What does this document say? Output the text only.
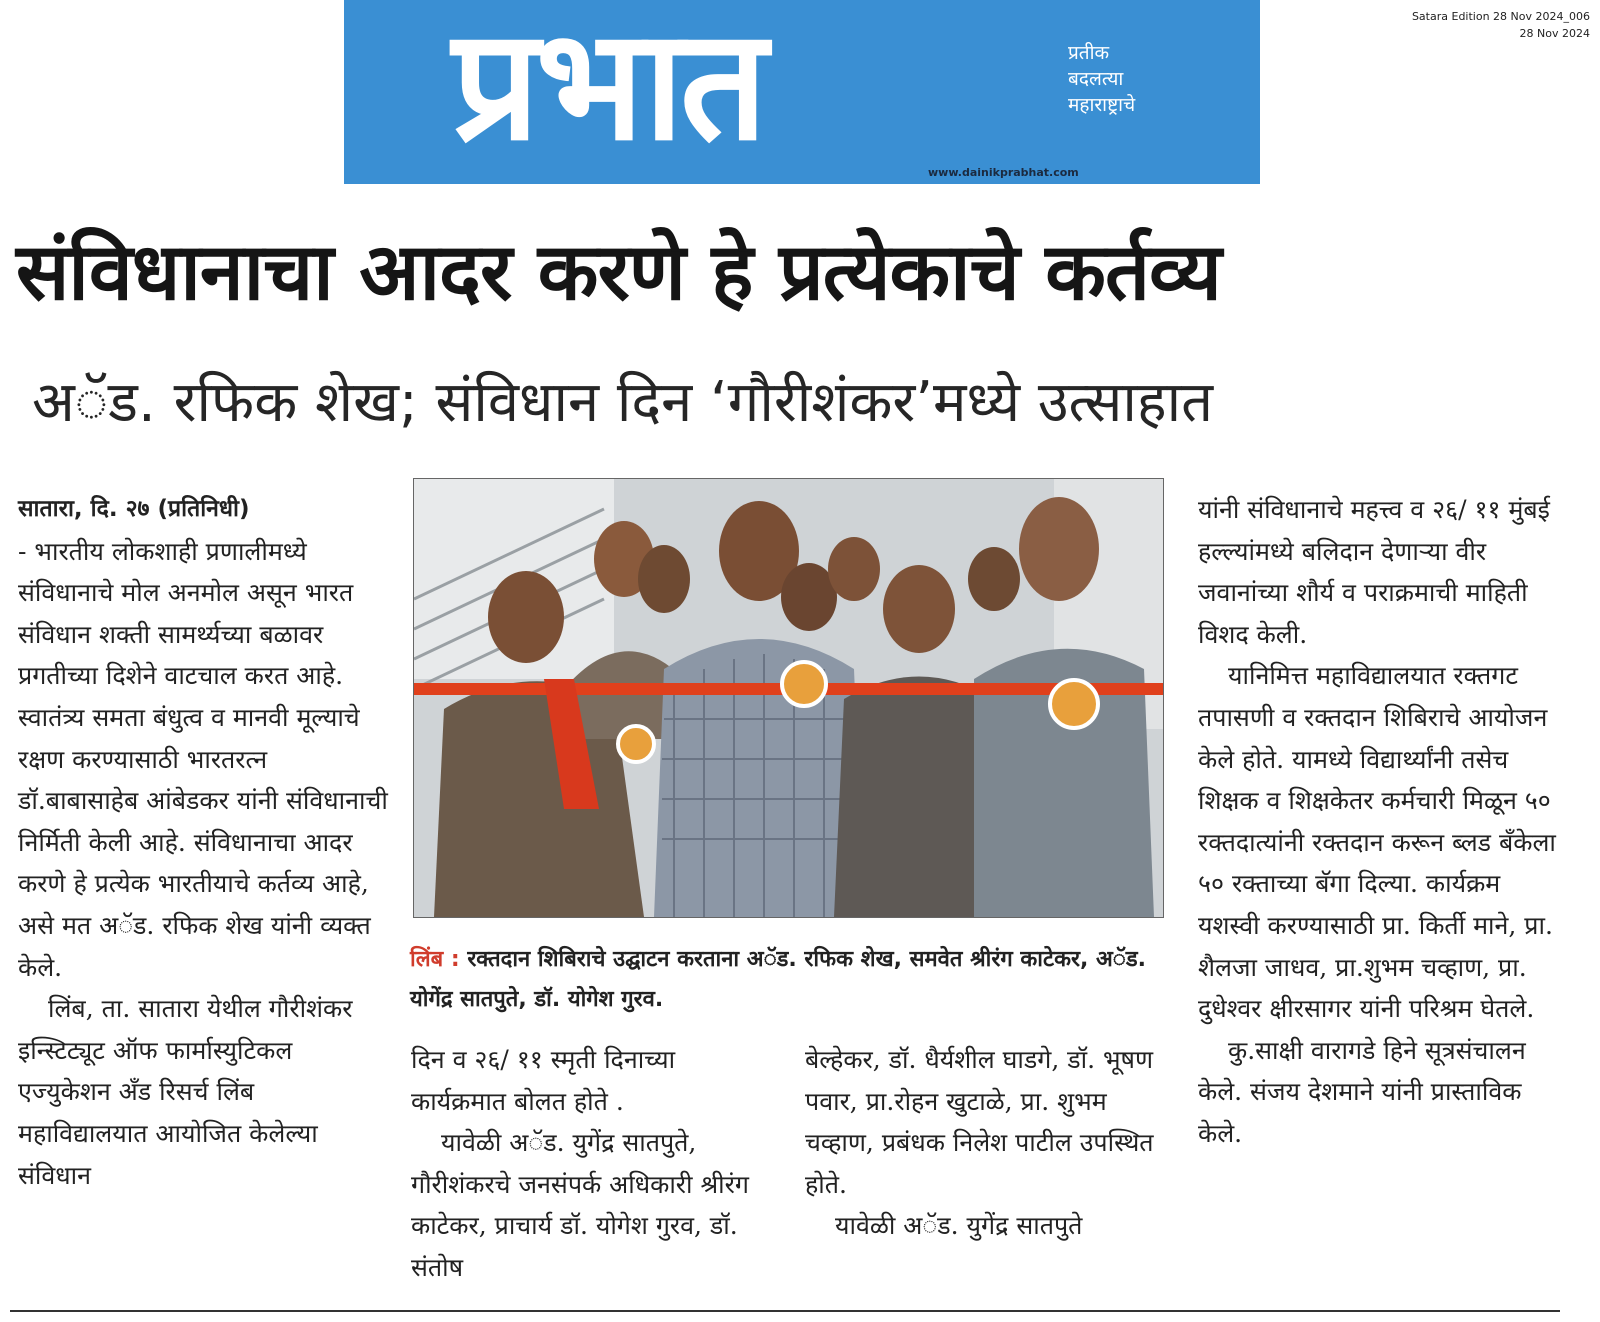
प्रभात	प्रतीक
बदलत्या
महाराष्ट्राचे
www.dainikprabhat.com
Satara Edition 28 Nov 2024_006
28 Nov 2024
संविधानाचा आदर करणे हे प्रत्येकाचे कर्तव्य
अॅड. रफिक शेख; संविधान दिन ‘गौरीशंकर’मध्ये उत्साहात

सातारा, दि. २७ (प्रतिनिधी)

- भारतीय लोकशाही प्रणालीमध्ये संविधानाचे मोल अनमोल असून भारत संविधान शक्ती सामर्थ्यच्या बळावर प्रगतीच्या दिशेने वाटचाल करत आहे. स्वातंत्र्य समता बंधुत्व व मानवी मूल्याचे रक्षण करण्यासाठी भारतरत्न डॉ.बाबासाहेब आंबेडकर यांनी संविधानाची निर्मिती केली आहे. संविधानाचा आदर करणे हे प्रत्येक भारतीयाचे कर्तव्य आहे, असे मत अॅड. रफिक शेख यांनी व्यक्त केले.

लिंब, ता. सातारा येथील गौरीशंकर इन्स्टिट्यूट ऑफ फार्मास्युटिकल एज्युकेशन अँड रिसर्च लिंब महाविद्यालयात आयोजित केलेल्या संविधान

लिंब : रक्तदान शिबिराचे उद्घाटन करताना अॅड. रफिक शेख, समवेत श्रीरंग काटेकर, अॅड. योगेंद्र सातपुते, डॉ. योगेश गुरव.

दिन व २६/ ११ स्मृती दिनाच्या कार्यक्रमात बोलत होते .

यावेळी अॅड. युगेंद्र सातपुते, गौरीशंकरचे जनसंपर्क अधिकारी श्रीरंग काटेकर, प्राचार्य डॉ. योगेश गुरव, डॉ. संतोष

बेल्हेकर, डॉ. धैर्यशील घाडगे, डॉ. भूषण पवार, प्रा.रोहन खुटाळे, प्रा. शुभम चव्हाण, प्रबंधक निलेश पाटील उपस्थित होते.

यावेळी अॅड. युगेंद्र सातपुते

यांनी संविधानाचे महत्त्व व २६/ ११ मुंबई हल्ल्यांमध्ये बलिदान देणाऱ्या वीर जवानांच्या शौर्य व पराक्रमाची माहिती विशद केली.

यानिमित्त महाविद्यालयात रक्तगट तपासणी व रक्तदान शिबिराचे आयोजन केले होते. यामध्ये विद्यार्थ्यांनी तसेच शिक्षक व शिक्षकेतर कर्मचारी मिळून ५० रक्तदात्यांनी रक्तदान करून ब्लड बँकेला ५० रक्ताच्या बॅगा दिल्या. कार्यक्रम यशस्वी करण्यासाठी प्रा. किर्ती माने, प्रा. शैलजा जाधव, प्रा.शुभम चव्हाण, प्रा. दुधेश्वर क्षीरसागर यांनी परिश्रम घेतले.

कु.साक्षी वारागडे हिने सूत्रसंचालन केले. संजय देशमाने यांनी प्रास्ताविक केले.
